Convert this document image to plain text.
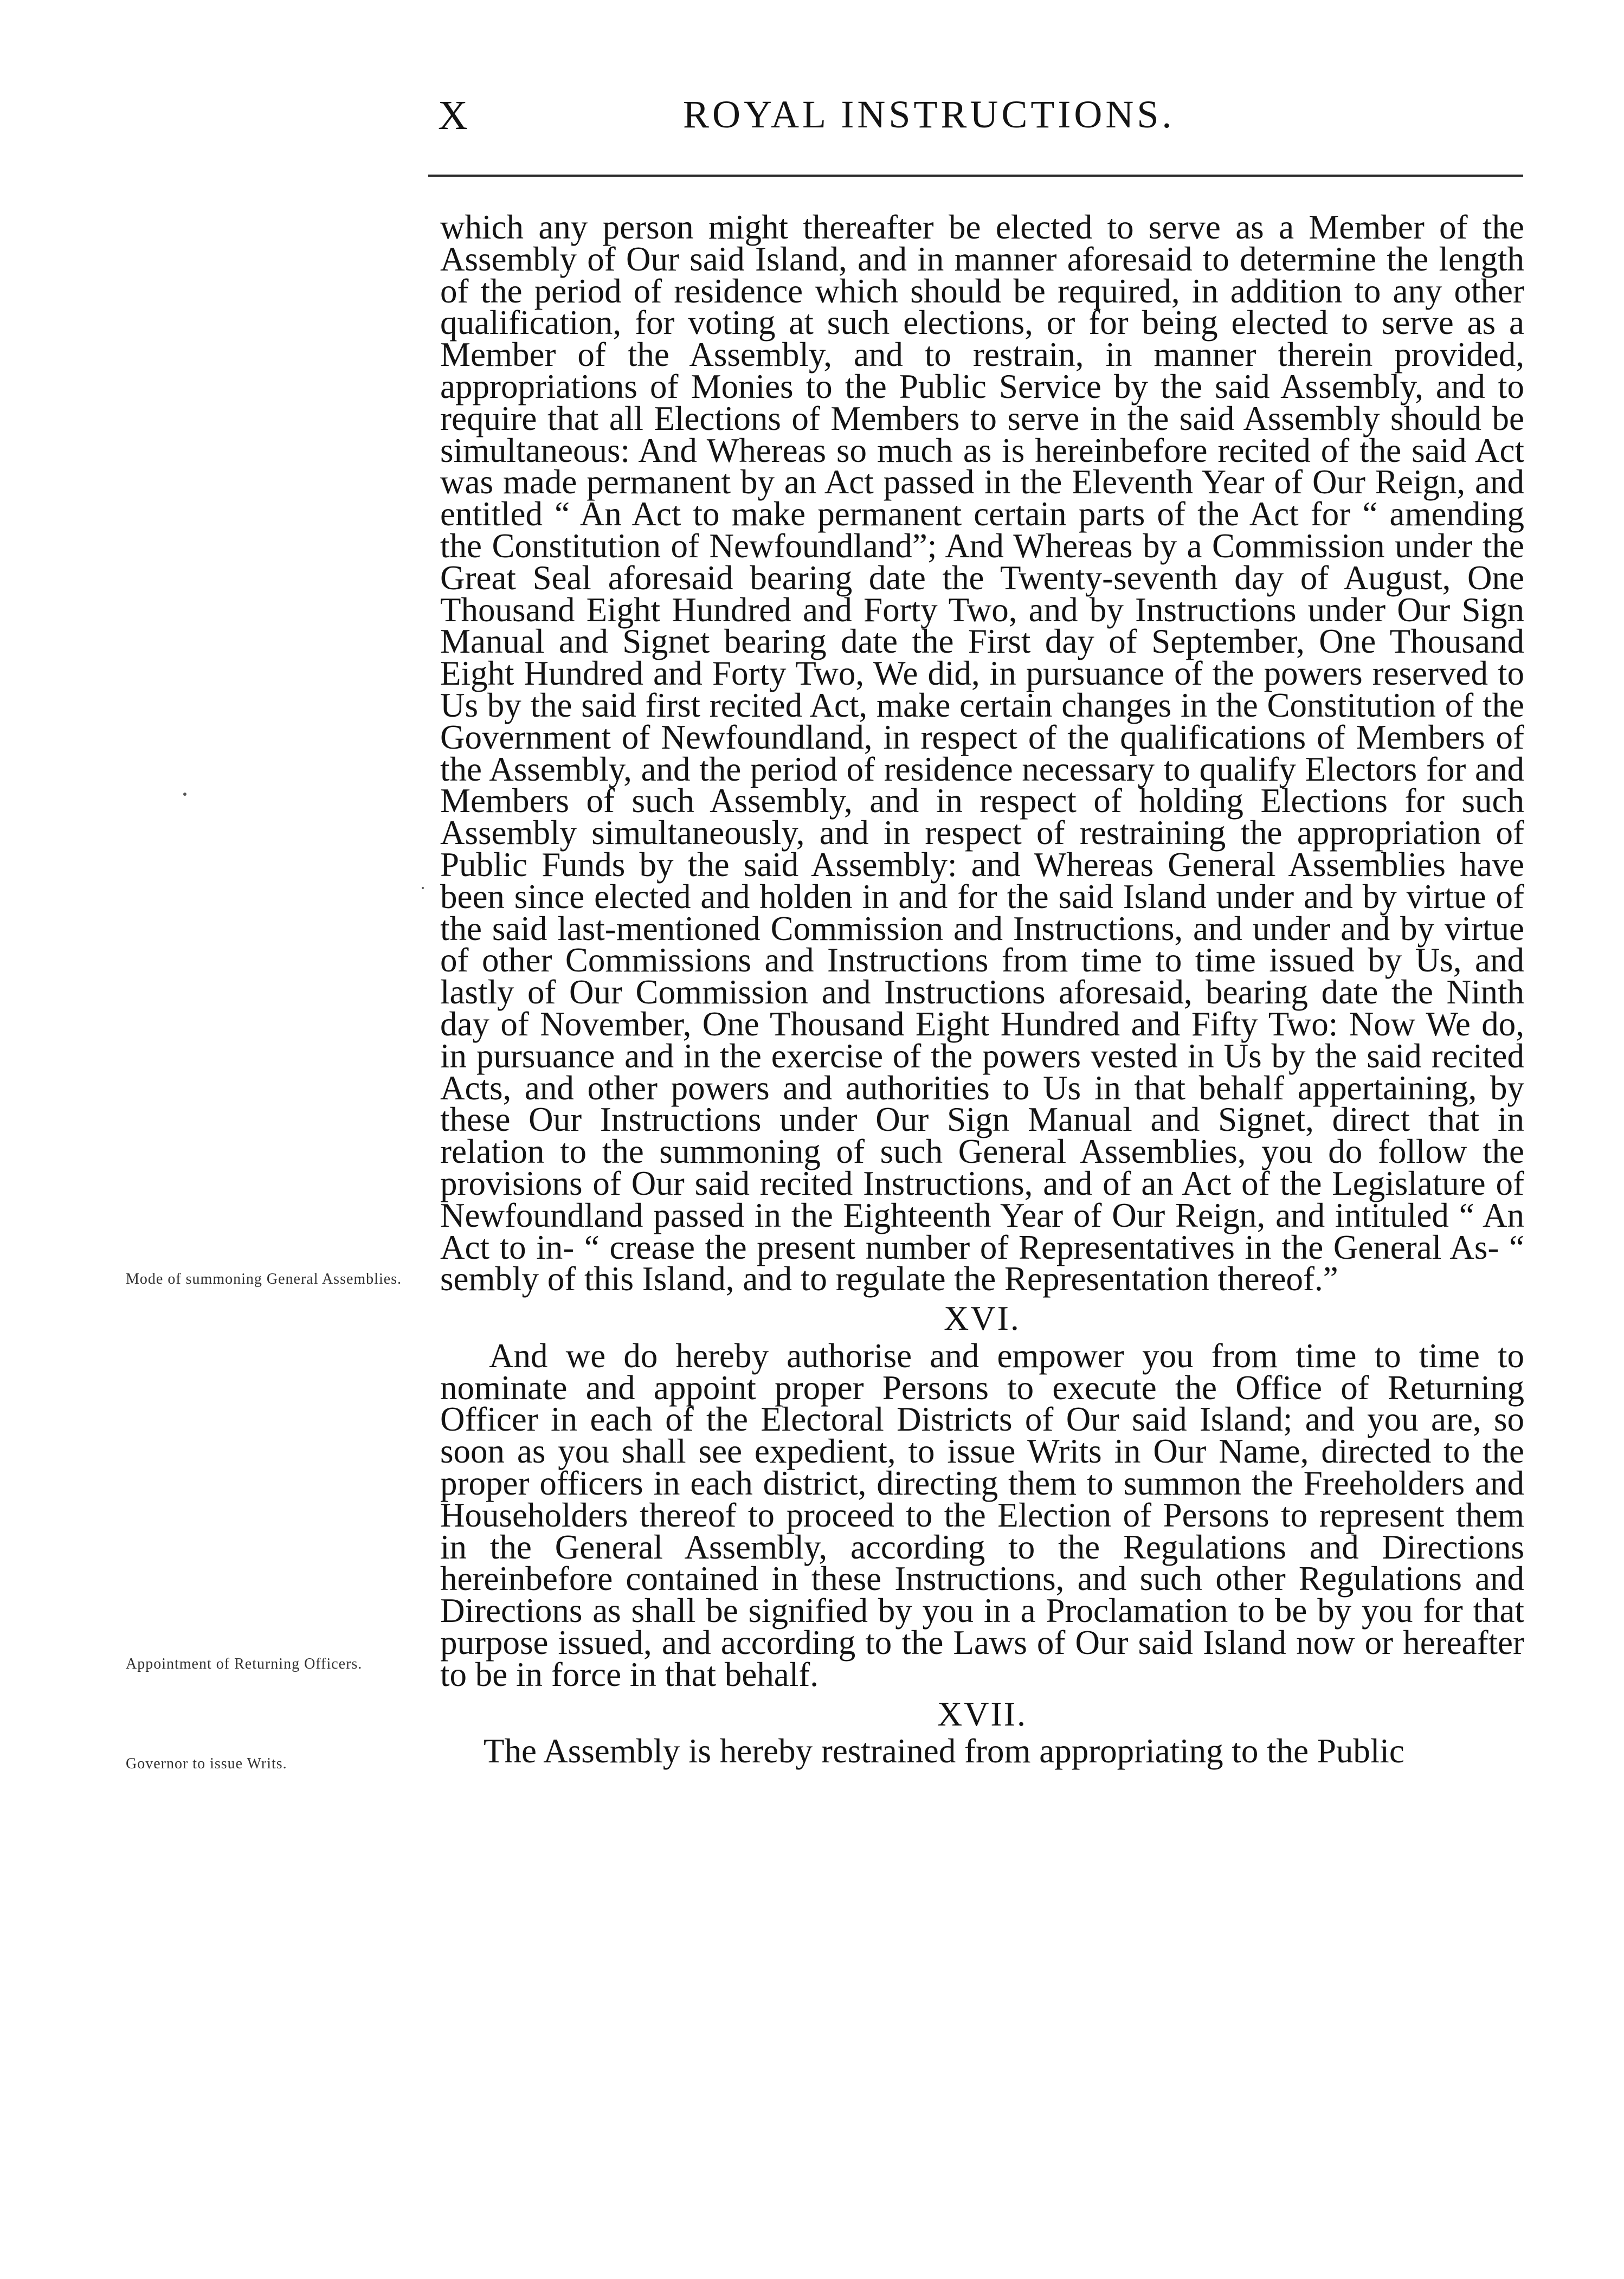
X	ROYAL INSTRUCTIONS.
Mode of summoning General Assemblies.
Appointment of Returning Officers.
Governor to issue Writs.

which any person might thereafter be elected to serve as a Member of the Assembly of Our said Island, and in manner aforesaid to determine the length of the period of residence which should be required, in addition to any other qualification, for voting at such elections, or for being elected to serve as a Member of the Assembly, and to restrain, in manner therein provided, appropriations of Monies to the Public Service by the said Assembly, and to require that all Elections of Members to serve in the said Assembly should be simultaneous: And Whereas so much as is hereinbefore recited of the said Act was made permanent by an Act passed in the Eleventh Year of Our Reign, and entitled “ An Act to make permanent certain parts of the Act for “ amending the Constitution of Newfoundland”; And Whereas by a Commission under the Great Seal aforesaid bearing date the Twenty-seventh day of August, One Thousand Eight Hundred and Forty Two, and by Instructions under Our Sign Manual and Signet bearing date the First day of September, One Thousand Eight Hundred and Forty Two, We did, in pursuance of the powers reserved to Us by the said first recited Act, make certain changes in the Constitution of the Government of Newfoundland, in respect of the qualifications of Members of the Assembly, and the period of residence necessary to qualify Electors for and Members of such Assembly, and in respect of holding Elections for such Assembly simultaneously, and in respect of restraining the appropriation of Public Funds by the said Assembly: and Whereas General Assemblies have been since elected and holden in and for the said Island under and by virtue of the said last-mentioned Commission and Instructions, and under and by virtue of other Commissions and Instructions from time to time issued by Us, and lastly of Our Commission and Instructions aforesaid, bearing date the Ninth day of November, One Thousand Eight Hundred and Fifty Two: Now We do, in pursuance and in the exercise of the powers vested in Us by the said recited Acts, and other powers and authorities to Us in that behalf appertaining, by these Our Instructions under Our Sign Manual and Signet, direct that in relation to the summoning of such General Assemblies, you do follow the provisions of Our said recited Instructions, and of an Act of the Legislature of Newfoundland passed in the Eighteenth Year of Our Reign, and intituled “ An Act to in- “ crease the present number of Representatives in the General As- “ sembly of this Island, and to regulate the Representation thereof.”

XVI.

And we do hereby authorise and empower you from time to time to nominate and appoint proper Persons to execute the Office of Returning Officer in each of the Electoral Districts of Our said Island; and you are, so soon as you shall see expedient, to issue Writs in Our Name, directed to the proper officers in each district, directing them to summon the Freeholders and Householders thereof to proceed to the Election of Persons to represent them in the General Assembly, according to the Regulations and Directions hereinbefore contained in these Instructions, and such other Regulations and Directions as shall be signified by you in a Proclamation to be by you for that purpose issued, and according to the Laws of Our said Island now or hereafter to be in force in that behalf.

XVII.

The Assembly is hereby restrained from appropriating to the Public
